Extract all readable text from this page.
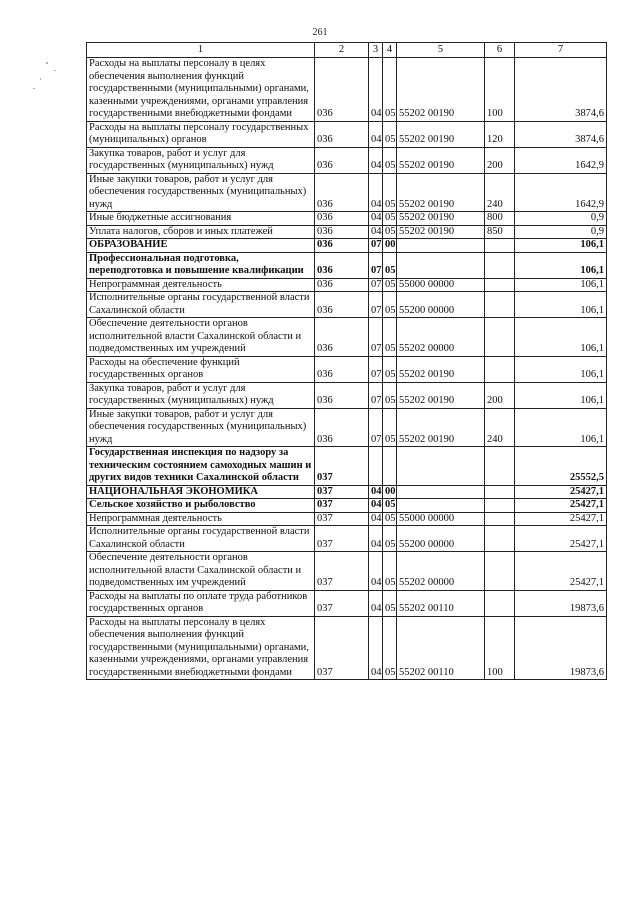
261
1	2	3	4	5	6	7
Расходы на выплаты персоналу в целях обеспечения выполнения функций государственными (муниципальными) органами, казенными учреждениями, органами управления государственными внебюджетными фондами	036	04	05	55202 00190	100	3874,6
Расходы на выплаты персоналу государственных (муниципальных) органов	036	04	05	55202 00190	120	3874,6
Закупка товаров, работ и услуг для государственных (муниципальных) нужд	036	04	05	55202 00190	200	1642,9
Иные закупки товаров, работ и услуг для обеспечения государственных (муниципальных) нужд	036	04	05	55202 00190	240	1642,9
Иные бюджетные ассигнования	036	04	05	55202 00190	800	0,9
Уплата налогов, сборов и иных платежей	036	04	05	55202 00190	850	0,9
ОБРАЗОВАНИЕ	036	07	00			106,1
Профессиональная подготовка, переподготовка и повышение квалификации	036	07	05			106,1
Непрограммная деятельность	036	07	05	55000 00000		106,1
Исполнительные органы государственной власти Сахалинской области	036	07	05	55200 00000		106,1
Обеспечение деятельности органов исполнительной власти Сахалинской области и подведомственных им учреждений	036	07	05	55202 00000		106,1
Расходы на обеспечение функций государственных органов	036	07	05	55202 00190		106,1
Закупка товаров, работ и услуг для государственных (муниципальных) нужд	036	07	05	55202 00190	200	106,1
Иные закупки товаров, работ и услуг для обеспечения государственных (муниципальных) нужд	036	07	05	55202 00190	240	106,1
Государственная инспекция по надзору за техническим состоянием самоходных машин и других видов техники Сахалинской области	037					25552,5
НАЦИОНАЛЬНАЯ ЭКОНОМИКА	037	04	00			25427,1
Сельское хозяйство и рыболовство	037	04	05			25427,1
Непрограммная деятельность	037	04	05	55000 00000		25427,1
Исполнительные органы государственной власти Сахалинской области	037	04	05	55200 00000		25427,1
Обеспечение деятельности органов исполнительной власти Сахалинской области и подведомственных им учреждений	037	04	05	55202 00000		25427,1
Расходы на выплаты по оплате труда работников государственных органов	037	04	05	55202 00110		19873,6
Расходы на выплаты персоналу в целях обеспечения выполнения функций государственными (муниципальными) органами, казенными учреждениями, органами управления государственными внебюджетными фондами	037	04	05	55202 00110	100	19873,6
